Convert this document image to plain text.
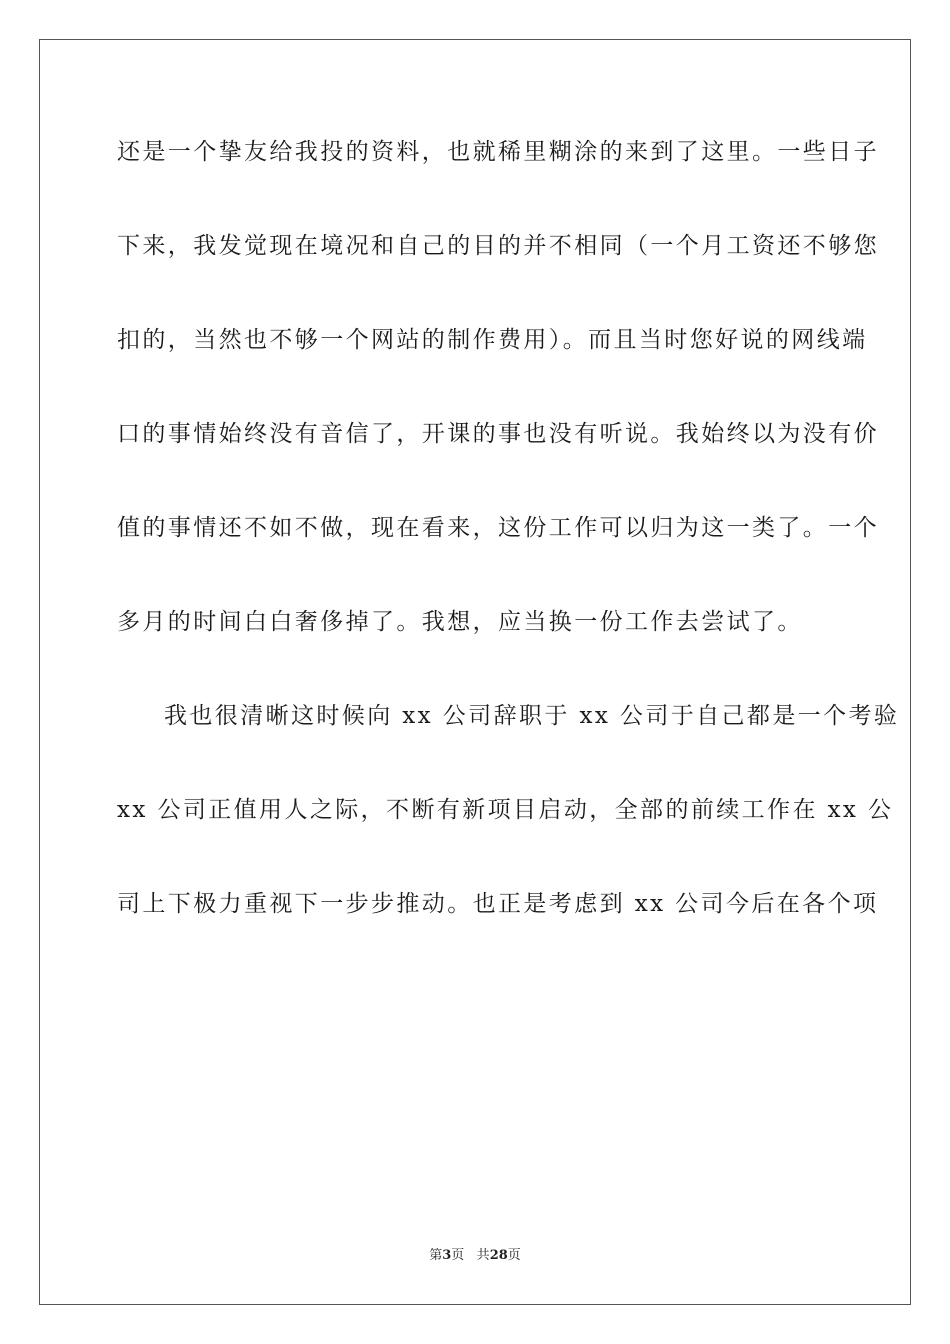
还是一个挚友给我投的资料，也就稀里糊涂的来到了这里。一些日子
下来，我发觉现在境况和自己的目的并不相同（一个月工资还不够您
扣的，当然也不够一个网站的制作费用）。而且当时您好说的网线端
口的事情始终没有音信了，开课的事也没有听说。我始终以为没有价
值的事情还不如不做，现在看来，这份工作可以归为这一类了。一个
多月的时间白白奢侈掉了。我想，应当换一份工作去尝试了。
我也很清晰这时候向 xx 公司辞职于 xx 公司于自己都是一个考验
xx 公司正值用人之际，不断有新项目启动，全部的前续工作在 xx 公
司上下极力重视下一步步推动。也正是考虑到 xx 公司今后在各个项
第3页 共28页
